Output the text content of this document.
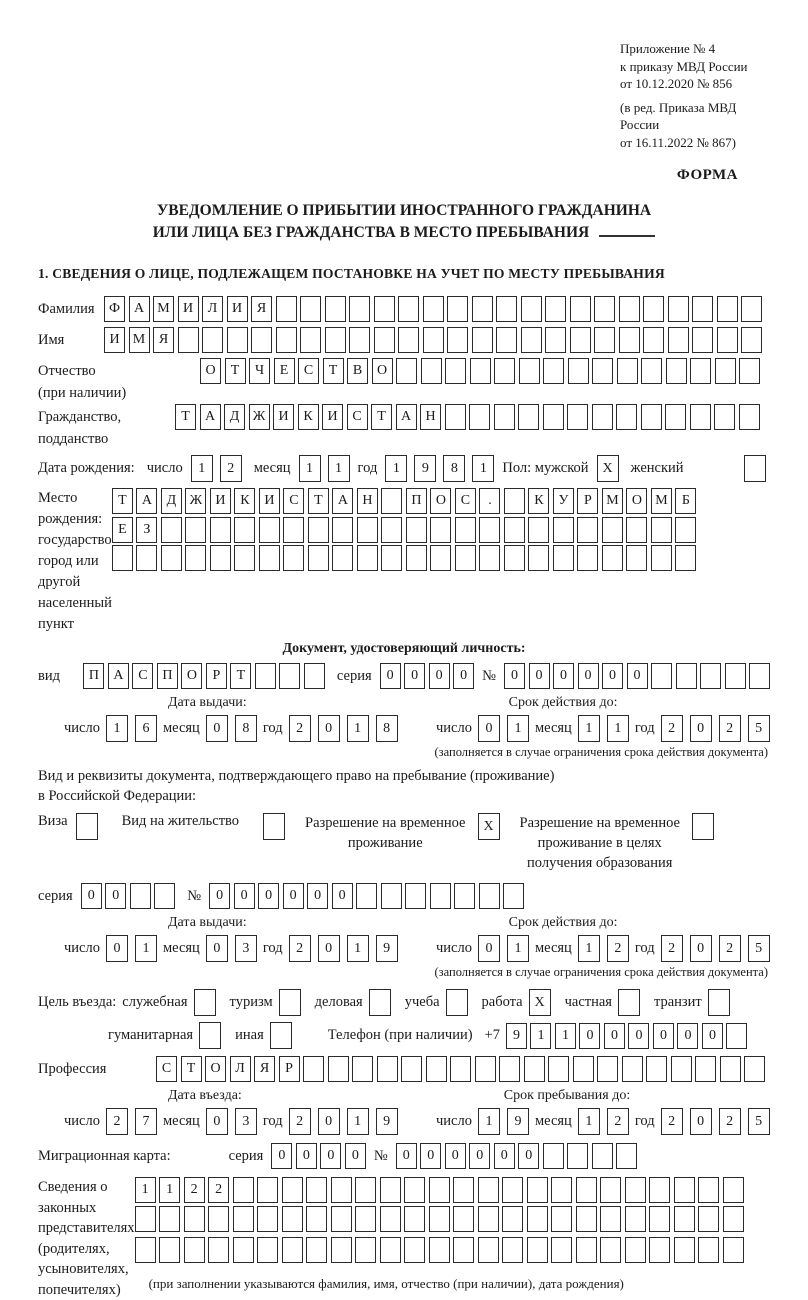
Приложение № 4
к приказу МВД России
от 10.12.2020 № 856
(в ред. Приказа МВД России
от 16.11.2022 № 867)
ФОРМА
УВЕДОМЛЕНИЕ О ПРИБЫТИИ ИНОСТРАННОГО ГРАЖДАНИНА
ИЛИ ЛИЦА БЕЗ ГРАЖДАНСТВА В МЕСТО ПРЕБЫВАНИЯ
1. СВЕДЕНИЯ О ЛИЦЕ, ПОДЛЕЖАЩЕМ ПОСТАНОВКЕ НА УЧЕТ ПО МЕСТУ ПРЕБЫВАНИЯ
Фамилия	Ф А М И	Л	И	Я
Имя	И М Я
Отчество	О	Т	Ч	Е	С	Т	В	О
(при наличии)
Гражданство,	Т	А	Д Ж И	К	И	С	Т	А	Н
подданство
Дата рождения: число	1	2	месяц	1	1	год	1	9	8	1	Пол: мужской X	женский
Место рождения:
государство
город или другой
населенный пункт
Т	А	Д Ж И	К	И	С	Т	А	Н	П	О	С	.	К	У	Р	М О М	Б

Е	З

Документ, удостоверяющий личность:
вид	П	А	С	П	О	Р	Т	серия	0	0	0	0	№	0	0	0	0	0	0
Дата выдачи:	Срок действия до:
число 1	6 месяц 0	8 год 2	0	1	8	число 0	1 месяц 1	1 год 2	0	2	5
(заполняется в случае ограничения срока действия документа)
Вид и реквизиты документа, подтверждающего право на пребывание (проживание)
в Российской Федерации:
Виза	Вид на жительство	Разрешение на временное
проживание
X	Разрешение на временное
проживание в целях
получения образования
серия	0	0	№	0	0	0	0	0	0
Дата выдачи:	Срок действия до:
число 0	1 месяц 0	3 год 2	0	1	9	число 0	1 месяц 1	2 год 2	0	2	5
(заполняется в случае ограничения срока действия документа)
Цель въезда: служебная	туризм	деловая	учеба	работа X	частная	транзит
гуманитарная	иная	Телефон (при наличии) +7 9	1	1	0	0	0	0	0	0
Профессия	С	Т	О	Л	Я	Р
Дата въезда:	Срок пребывания до:
число 2	7 месяц 0	3 год 2	0	1	9	число 1	9 месяц 1	2 год 2	0	2	5
Миграционная карта:	серия	0	0	0	0	№	0	0	0	0	0	0
Сведения о
законных
представителях
(родителях,
усыновителях,
попечителях)
1	1	2	2

(при заполнении указываются фамилия, имя, отчество (при наличии), дата рождения)
